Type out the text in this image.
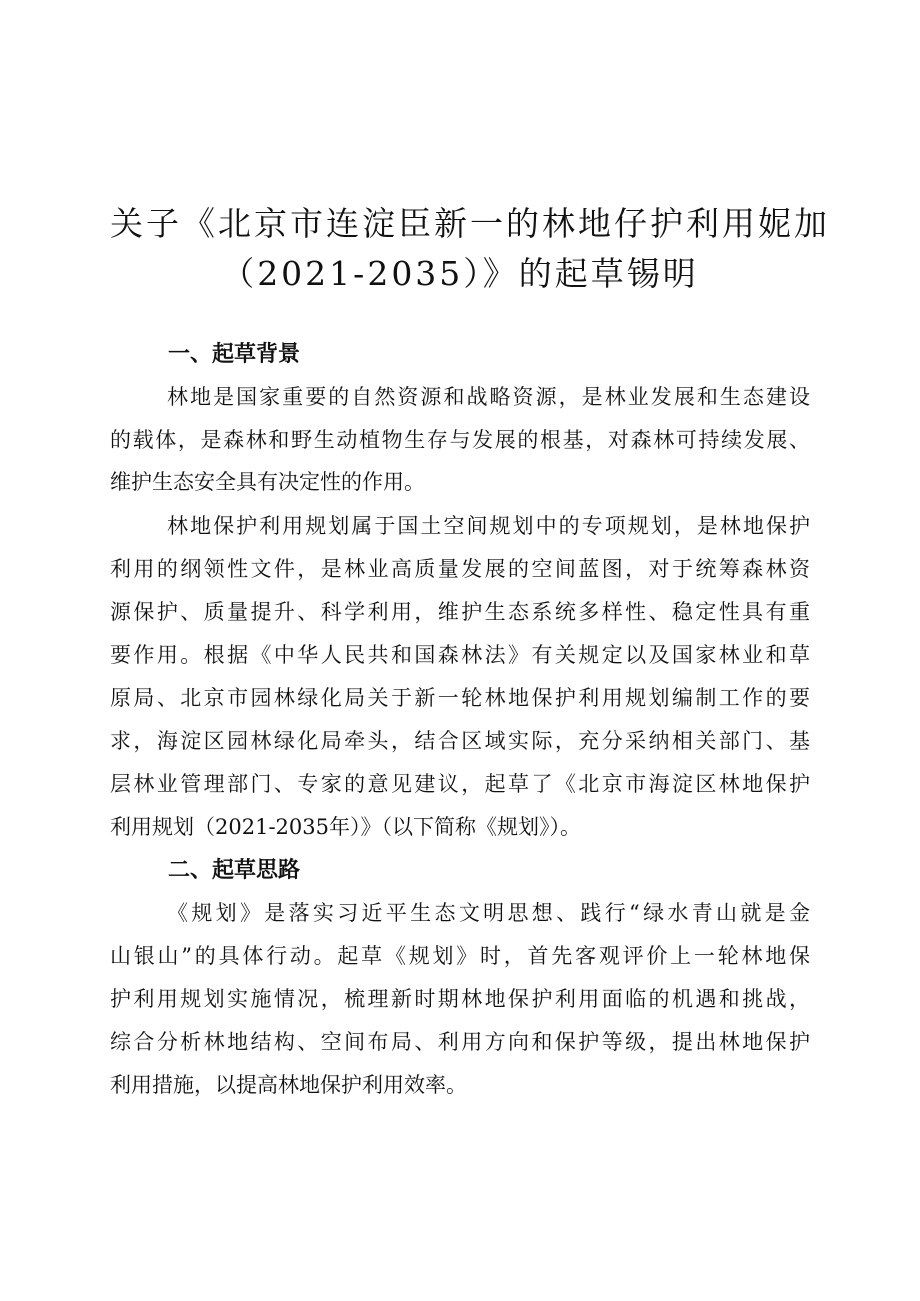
关子《北京市连淀臣新一的林地仔护利用妮加
（2021-2035）》的起草锡明
一、起草背景
林地是国家重要的自然资源和战略资源，是林业发展和生态建设
的载体，是森林和野生动植物生存与发展的根基，对森林可持续发展、
维护生态安全具有决定性的作用。
林地保护利用规划属于国土空间规划中的专项规划，是林地保护
利用的纲领性文件，是林业高质量发展的空间蓝图，对于统筹森林资
源保护、质量提升、科学利用，维护生态系统多样性、稳定性具有重
要作用。根据《中华人民共和国森林法》有关规定以及国家林业和草
原局、北京市园林绿化局关于新一轮林地保护利用规划编制工作的要
求，海淀区园林绿化局牵头，结合区域实际，充分采纳相关部门、基
层林业管理部门、专家的意见建议，起草了《北京市海淀区林地保护
利用规划（2021-2035年）》（以下简称《规划》）。
二、起草思路
《规划》是落实习近平生态文明思想、践行“绿水青山就是金
山银山”的具体行动。起草《规划》时，首先客观评价上一轮林地保
护利用规划实施情况，梳理新时期林地保护利用面临的机遇和挑战，
综合分析林地结构、空间布局、利用方向和保护等级，提出林地保护
利用措施，以提高林地保护利用效率。
